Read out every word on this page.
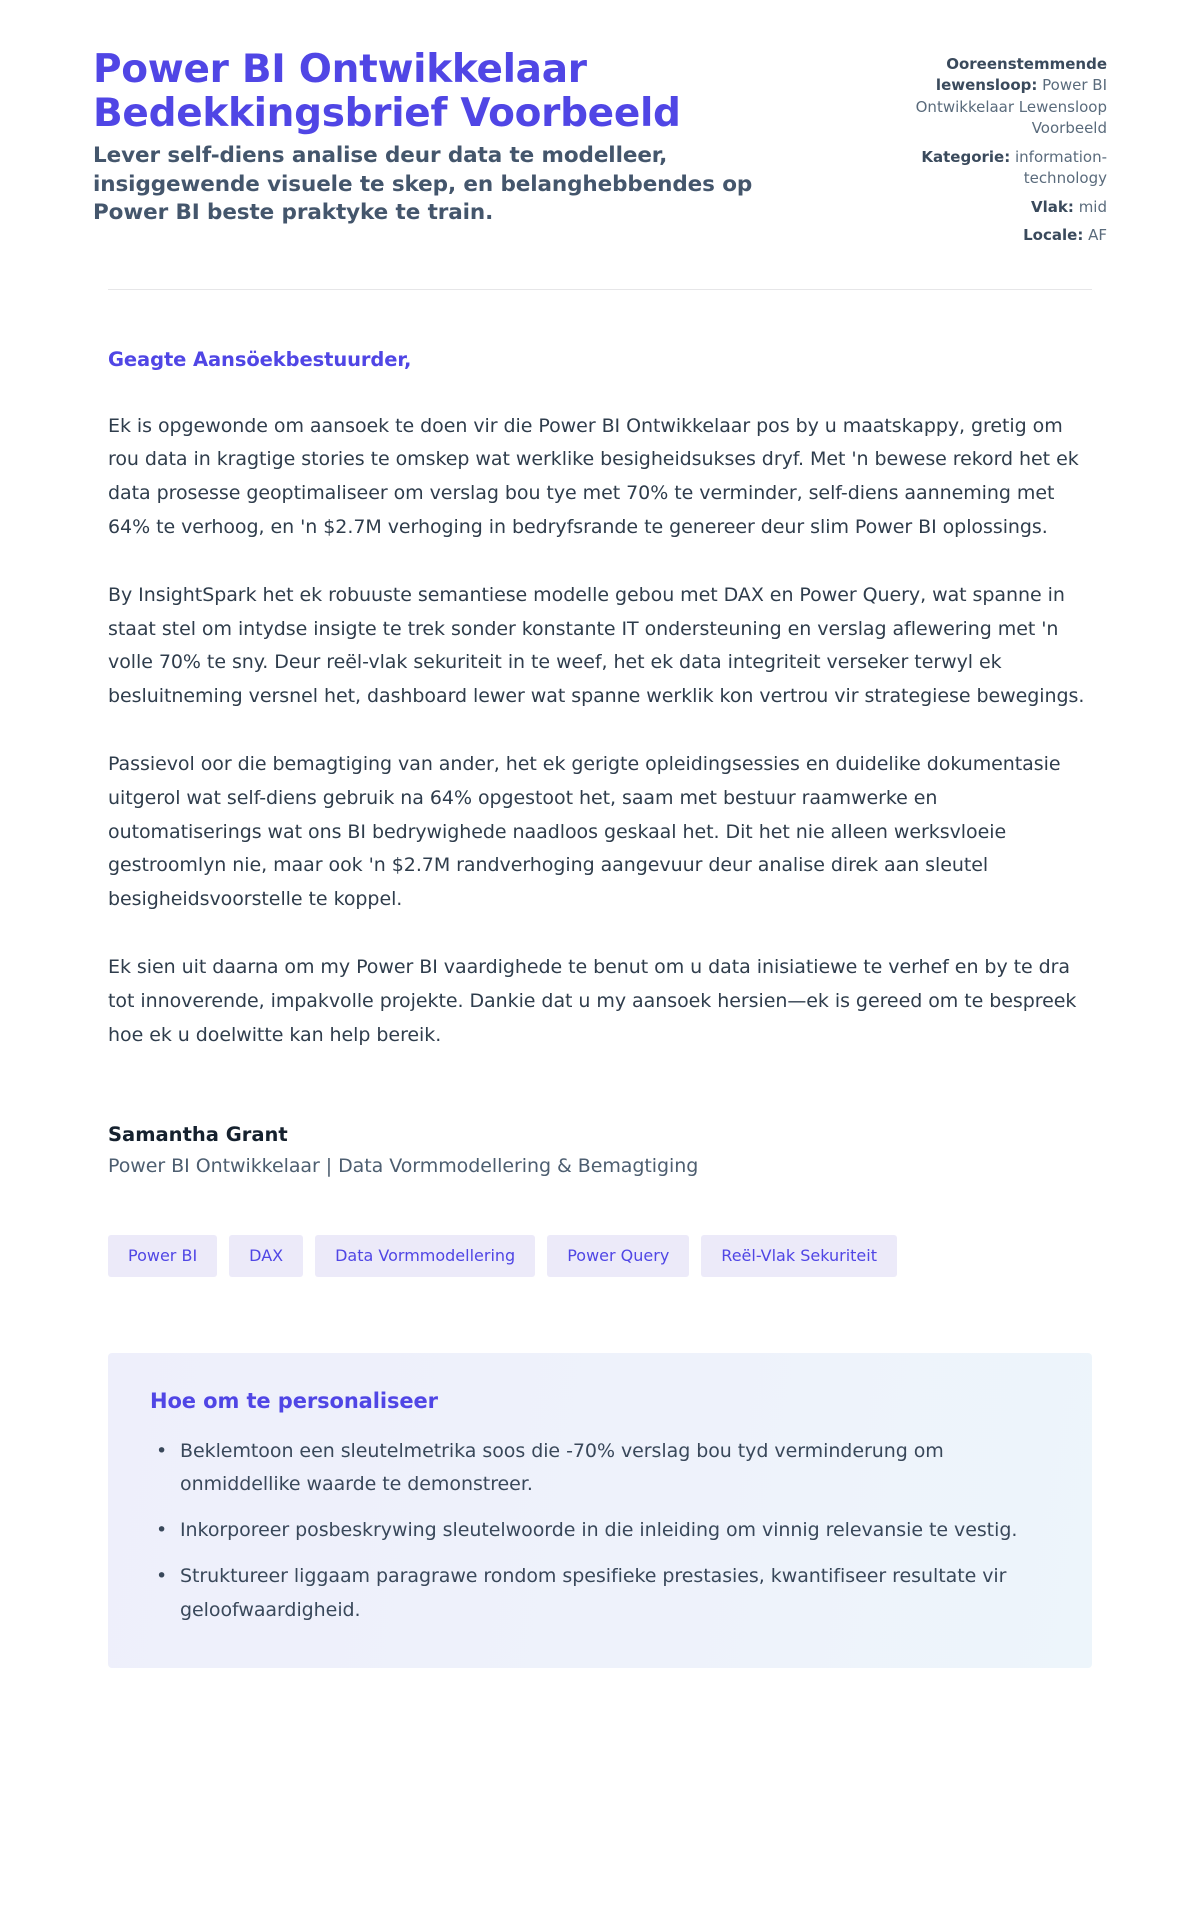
Power BI Ontwikkelaar Bedekkingsbrief Voorbeeld

Lever self-diens analise deur data te modelleer, insiggewende visuele te skep, en belanghebbendes op Power BI beste praktyke te train.

Ooreenstemmende lewensloop: Power BI Ontwikkelaar Lewensloop Voorbeeld
Kategorie: information-technology
Vlak: mid
Locale: AF

Geagte Aansöekbestuurder,

Ek is opgewonde om aansoek te doen vir die Power BI Ontwikkelaar pos by u maatskappy, gretig om rou data in kragtige stories te omskep wat werklike besigheidsukses dryf. Met 'n bewese rekord het ek data prosesse geoptimaliseer om verslag bou tye met 70% te verminder, self-diens aanneming met 64% te verhoog, en 'n $2.7M verhoging in bedryfsrande te genereer deur slim Power BI oplossings.

By InsightSpark het ek robuuste semantiese modelle gebou met DAX en Power Query, wat spanne in staat stel om intydse insigte te trek sonder konstante IT ondersteuning en verslag aflewering met 'n volle 70% te sny. Deur reël-vlak sekuriteit in te weef, het ek data integriteit verseker terwyl ek besluitneming versnel het, dashboard lewer wat spanne werklik kon vertrou vir strategiese bewegings.

Passievol oor die bemagtiging van ander, het ek gerigte opleidingsessies en duidelike dokumentasie uitgerol wat self-diens gebruik na 64% opgestoot het, saam met bestuur raamwerke en outomatiserings wat ons BI bedrywighede naadloos geskaal het. Dit het nie alleen werksvloeie gestroomlyn nie, maar ook 'n $2.7M randverhoging aangevuur deur analise direk aan sleutel besigheidsvoorstelle te koppel.

Ek sien uit daarna om my Power BI vaardighede te benut om u data inisiatiewe te verhef en by te dra tot innoverende, impakvolle projekte. Dankie dat u my aansoek hersien—ek is gereed om te bespreek hoe ek u doelwitte kan help bereik.

Samantha Grant

Power BI Ontwikkelaar | Data Vormmodellering & Bemagtiging

Power BI	DAX	Data Vormmodellering	Power Query	Reël-Vlak Sekuriteit
Hoe om te personaliseer
• Beklemtoon een sleutelmetrika soos die -70% verslag bou tyd verminderung om onmiddellike waarde te demonstreer.
• Inkorporeer posbeskrywing sleutelwoorde in die inleiding om vinnig relevansie te vestig.
• Struktureer liggaam paragrawe rondom spesifieke prestasies, kwantifiseer resultate vir geloofwaardigheid.
